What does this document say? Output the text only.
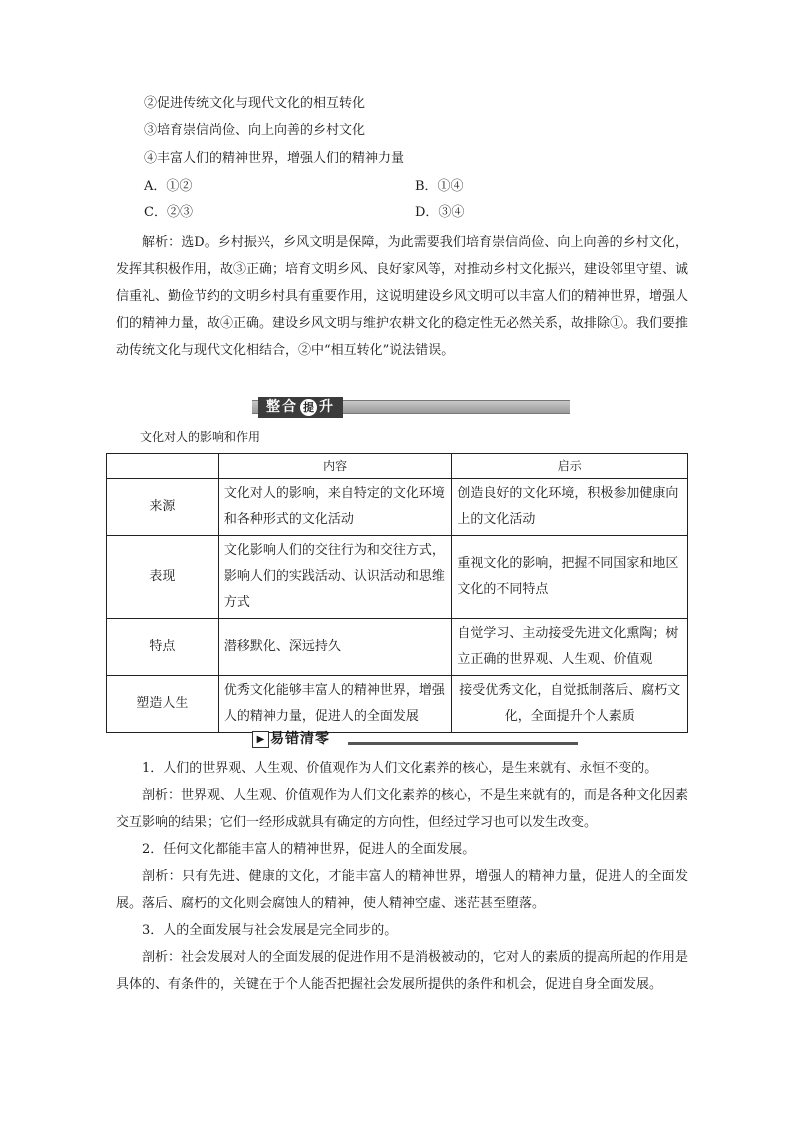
②促进传统文化与现代文化的相互转化
③培育崇信尚俭、向上向善的乡村文化
④丰富人们的精神世界，增强人们的精神力量
A．①②	B．①④
C．②③	D．③④
解析：选D。乡村振兴，乡风文明是保障，为此需要我们培育崇信尚俭、向上向善的乡村文化，发挥其积极作用，故③正确；培育文明乡风、良好家风等，对推动乡村文化振兴，建设邻里守望、诚信重礼、勤俭节约的文明乡村具有重要作用，这说明建设乡风文明可以丰富人们的精神世界，增强人们的精神力量，故④正确。建设乡风文明与维护农耕文化的稳定性无必然关系，故排除①。我们要推动传统文化与现代文化相结合，②中“相互转化”说法错误。
整合 提 升
文化对人的影响和作用
	内容	启示
来源	文化对人的影响，来自特定的文化环境和各种形式的文化活动	创造良好的文化环境，积极参加健康向上的文化活动
表现	文化影响人们的交往行为和交往方式，影响人们的实践活动、认识活动和思维方式	重视文化的影响，把握不同国家和地区文化的不同特点
特点	潜移默化、深远持久	自觉学习、主动接受先进文化熏陶；树立正确的世界观、人生观、价值观
塑造人生	优秀文化能够丰富人的精神世界，增强人的精神力量，促进人的全面发展	接受优秀文化，自觉抵制落后、腐朽文化，全面提升个人素质
▶ 易错清零
1．人们的世界观、人生观、价值观作为人们文化素养的核心，是生来就有、永恒不变的。
剖析：世界观、人生观、价值观作为人们文化素养的核心，不是生来就有的，而是各种文化因素交互影响的结果；它们一经形成就具有确定的方向性，但经过学习也可以发生改变。
2．任何文化都能丰富人的精神世界，促进人的全面发展。
剖析：只有先进、健康的文化，才能丰富人的精神世界，增强人的精神力量，促进人的全面发展。落后、腐朽的文化则会腐蚀人的精神，使人精神空虚、迷茫甚至堕落。
3．人的全面发展与社会发展是完全同步的。
剖析：社会发展对人的全面发展的促进作用不是消极被动的，它对人的素质的提高所起的作用是具体的、有条件的，关键在于个人能否把握社会发展所提供的条件和机会，促进自身全面发展。
